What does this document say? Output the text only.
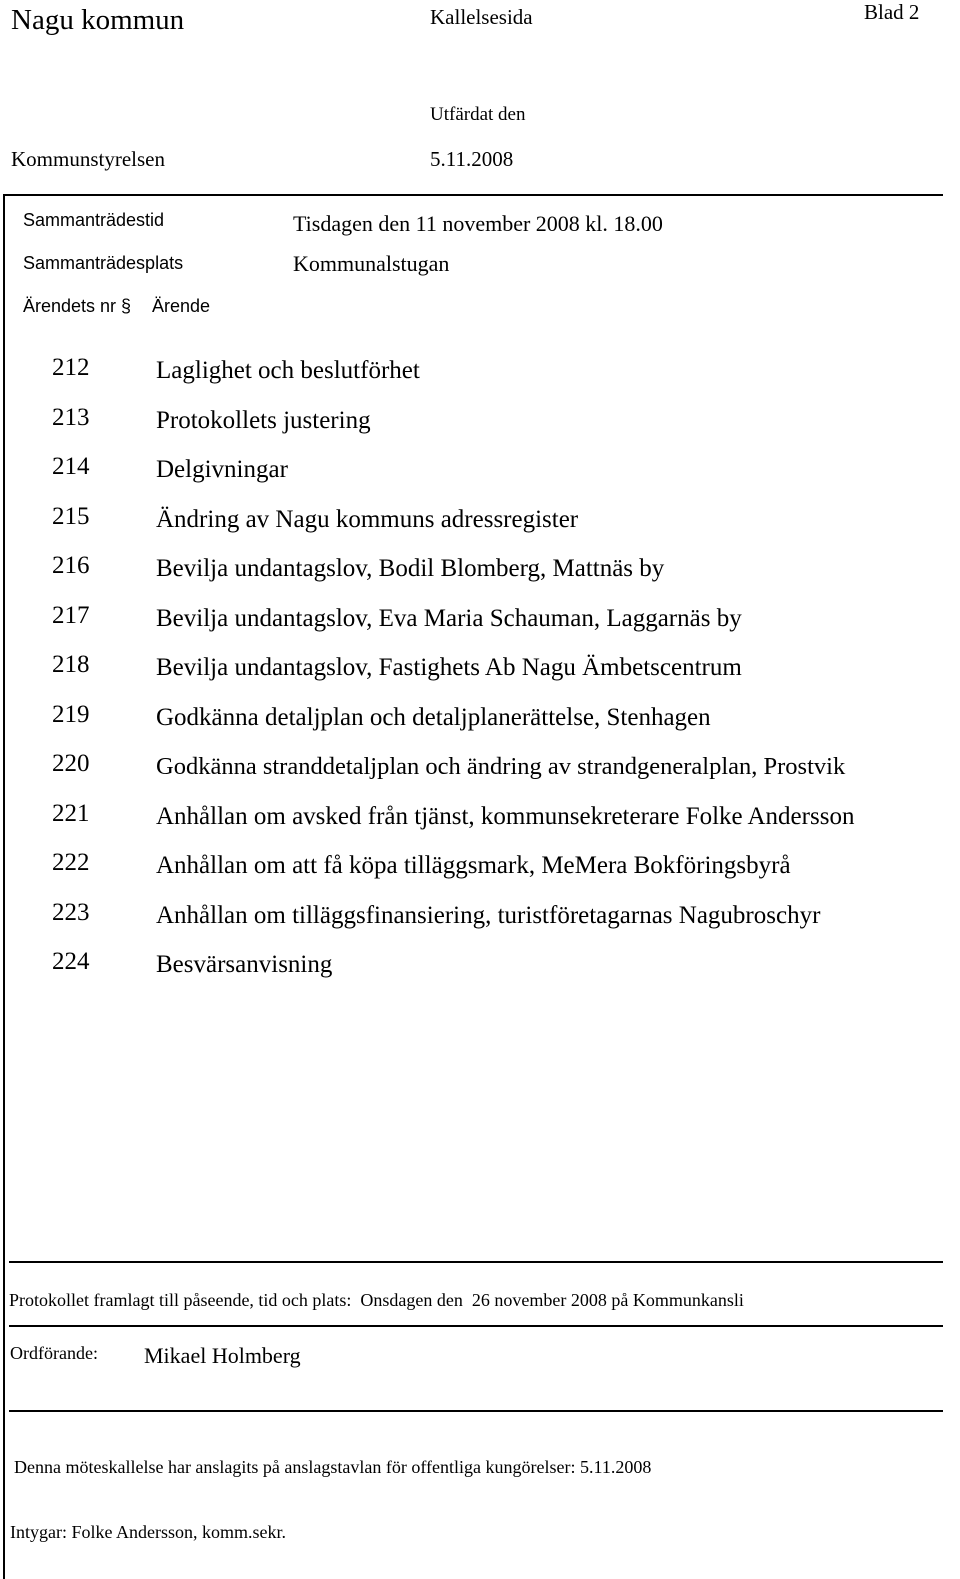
Nagu kommun	Kallelsesida	Blad 2
Utfärdat den
Kommunstyrelsen	5.11.2008
Sammanträdestid	Tisdagen den 11 november 2008 kl. 18.00
Sammanträdesplats	Kommunalstugan
Ärendets nr § Ärende
212	Laglighet och beslutförhet
213	Protokollets justering
214	Delgivningar
215	Ändring av Nagu kommuns adressregister
216	Bevilja undantagslov, Bodil Blomberg, Mattnäs by
217	Bevilja undantagslov, Eva Maria Schauman, Laggarnäs by
218	Bevilja undantagslov, Fastighets Ab Nagu Ämbetscentrum
219	Godkänna detaljplan och detaljplanerättelse, Stenhagen
220	Godkänna stranddetaljplan och ändring av strandgeneralplan, Prostvik
221	Anhållan om avsked från tjänst, kommunsekreterare Folke Andersson
222	Anhållan om att få köpa tilläggsmark, MeMera Bokföringsbyrå
223	Anhållan om tilläggsfinansiering, turistföretagarnas Nagubroschyr
224	Besvärsanvisning
Protokollet framlagt till påseende, tid och plats:  Onsdagen den  26 november 2008 på Kommunkansli
Ordförande: Mikael Holmberg
Denna möteskallelse har anslagits på anslagstavlan för offentliga kungörelser: 5.11.2008
Intygar: Folke Andersson, komm.sekr.
